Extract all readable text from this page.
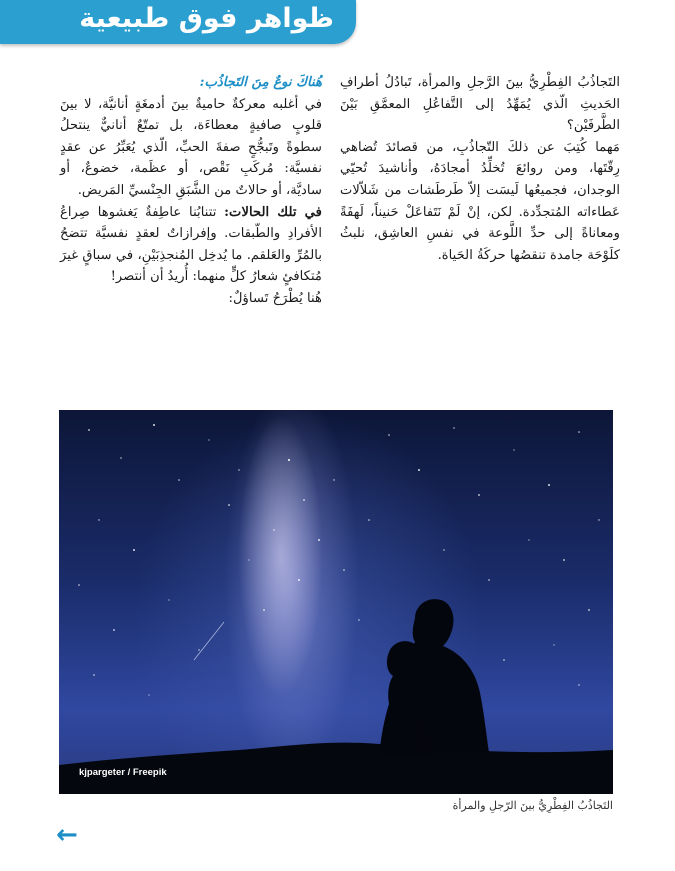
ظواهر فوق طبيعية

التَجاذُبُ الفِطْرِيُّ بينَ الرَّجلِ والمرأة، تَبادُلُ أطرافِ الحَديثِ الّذي يُمَهِّدُ إلى التَّفاعُلِ المعمَّقِ بَيْنَ الطَّرفَيْن؟

مَهما كُتِبَ عن ذلكَ التّجاذُبِ، من قصائدَ تُضاهي رِقّتَها، ومن روائعَ تُخلِّدُ أمجادَهُ، وأناشيدَ تُحيّي الوجدان، فجميعُها لَيسَت إلاّ طَرطَشات من شَلاّلات عَطاءاته المُتجدِّدة. لكن، إنْ لَمْ نَتَفاعَلْ حَنيناً، لَهفَةً ومعاناةً إلى حدِّ اللَّوعة في نفسِ العاشِق، نلبثُ كلَوْحَة جامدة تنقصُها حركَةُ الحَياة.

هُناكَ نوعٌ مِنَ التَجاذُب:

في أغلبه معركةٌ حاميةٌ بينَ أدمغَةٍ أنانيَّة، لا بينَ قلوبٍ صافيةٍ معطاءَة، بل تمتّعٌ أنانيٌّ ينتحلُ سطوةً وتَبجُّحٍ صفةَ الحبِّ، الّذي يُعَبِّرُ عن عقدٍ نفسيَّة: مُركَبِ نَقْص، أو عظَمة، خضوعٌ، أو ساديَّة، أو حالاتٌ من الشَّبَقِ الجِنْسيِّ المَريض.

في تلك الحالات: تتنابُنا عاطِفةٌ يَغشوها صِراعُ الأفرادِ والطّبقات. وإفرازاتٌ لعقدٍ نفسيَّة تتضحُ بالمُرِّ والعَلقم. ما يُدخِل المُنجذِبَيْنِ، في سباقٍ غيرَ مُتكافئٍ شعارُ كلٍّ منهما: أُريدُ أن أنتصر!

هُنا يُطْرَحُ تَساؤلٌ:

kjpargeter / Freepik
التَجاذُبُ الفِطْرِيُّ بينَ الرّجلِ والمرأة
←
